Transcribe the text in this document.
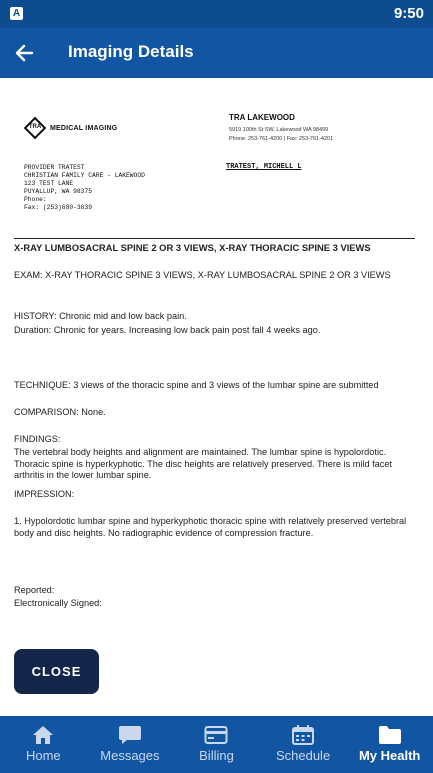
A	9:50
Imaging Details
TRA	MEDICAL IMAGING
TRA LAKEWOOD
5919 100th St SW, Lakewood WA 98499
Phone: 253-761-4200 | Fax: 253-761-4201
PROVIDER TRATEST
CHRISTIAN FAMILY CARE - LAKEWOOD
123 TEST LANE
PUYALLUP, WA 98375
Phone:
Fax: (253)680-3639
TRATEST, MICHELL L
X-RAY LUMBOSACRAL SPINE 2 OR 3 VIEWS, X-RAY THORACIC SPINE 3 VIEWS
EXAM: X-RAY THORACIC SPINE 3 VIEWS, X-RAY LUMBOSACRAL SPINE 2 OR 3 VIEWS
HISTORY: Chronic mid and low back pain.
Duration: Chronic for years. Increasing low back pain post fall 4 weeks ago.
TECHNIQUE: 3 views of the thoracic spine and 3 views of the lumbar spine are submitted
COMPARISON: None.
FINDINGS:
The vertebral body heights and alignment are maintained. The lumbar spine is hypolordotic. Thoracic spine is hyperkyphotic. The disc heights are relatively preserved. There is mild facet arthritis in the lower lumbar spine.
IMPRESSION:
1. Hypolordotic lumbar spine and hyperkyphotic thoracic spine with relatively preserved vertebral body and disc heights. No radiographic evidence of compression fracture.
Reported:
Electronically Signed:
CLOSE
Home	Messages	Billing	Schedule	My Health
